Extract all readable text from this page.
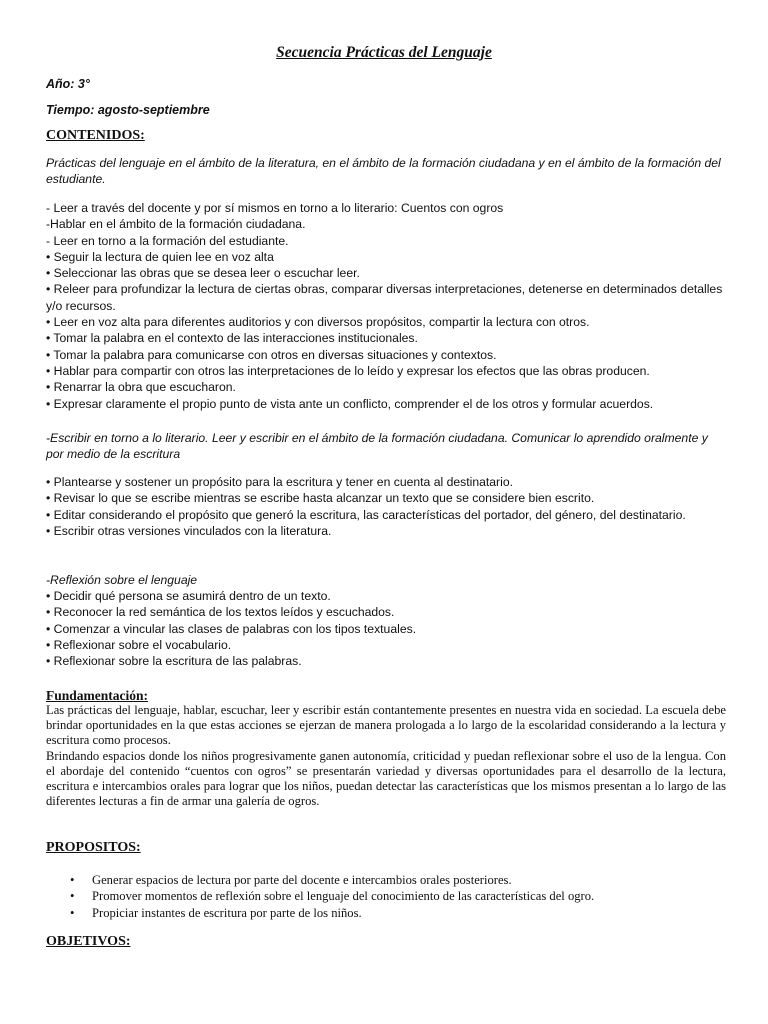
Secuencia Prácticas del Lenguaje
Año: 3°
Tiempo: agosto-septiembre
CONTENIDOS:
Prácticas del lenguaje en el ámbito de la literatura, en el ámbito de la formación ciudadana y en el ámbito de la formación del estudiante.
- Leer a través del docente y por sí mismos en torno a lo literario: Cuentos con ogros
-Hablar en el ámbito de la formación ciudadana.
- Leer en torno a la formación del estudiante.
• Seguir la lectura de quien lee en voz alta
• Seleccionar las obras que se desea leer o escuchar leer.
• Releer para profundizar la lectura de ciertas obras, comparar diversas interpretaciones, detenerse en determinados detalles y/o recursos.
• Leer en voz alta para diferentes auditorios y con diversos propósitos, compartir la lectura con otros.
• Tomar la palabra en el contexto de las interacciones institucionales.
• Tomar la palabra para comunicarse con otros en diversas situaciones y contextos.
• Hablar para compartir con otros las interpretaciones de lo leído y expresar los efectos que las obras producen.
• Renarrar la obra que escucharon.
• Expresar claramente el propio punto de vista ante un conflicto, comprender el de los otros y formular acuerdos.
-Escribir en torno a lo literario. Leer y escribir en el ámbito de la formación ciudadana. Comunicar lo aprendido oralmente y por medio de la escritura
• Plantearse y sostener un propósito para la escritura y tener en cuenta al destinatario.
• Revisar lo que se escribe mientras se escribe hasta alcanzar un texto que se considere bien escrito.
• Editar considerando el propósito que generó la escritura, las características del portador, del género, del destinatario.
• Escribir otras versiones vinculados con la literatura.
-Reflexión sobre el lenguaje
• Decidir qué persona se asumirá dentro de un texto.
• Reconocer la red semántica de los textos leídos y escuchados.
• Comenzar a vincular las clases de palabras con los tipos textuales.
• Reflexionar sobre el vocabulario.
• Reflexionar sobre la escritura de las palabras.
Fundamentación:

Las prácticas del lenguaje, hablar, escuchar, leer y escribir están contantemente presentes en nuestra vida en sociedad. La escuela debe brindar oportunidades en la que estas acciones se ejerzan de manera prologada a lo largo de la escolaridad considerando a la lectura y escritura como procesos.

Brindando espacios donde los niños progresivamente ganen autonomía, criticidad y puedan reflexionar sobre el uso de la lengua. Con el abordaje del contenido “cuentos con ogros” se presentarán variedad y diversas oportunidades para el desarrollo de la lectura, escritura e intercambios orales para lograr que los niños, puedan detectar las características que los mismos presentan a lo largo de las diferentes lecturas a fin de armar una galería de ogros.

PROPOSITOS:
• Generar espacios de lectura por parte del docente e intercambios orales posteriores.
• Promover momentos de reflexión sobre el lenguaje del conocimiento de las características del ogro.
• Propiciar instantes de escritura por parte de los niños.
OBJETIVOS:
